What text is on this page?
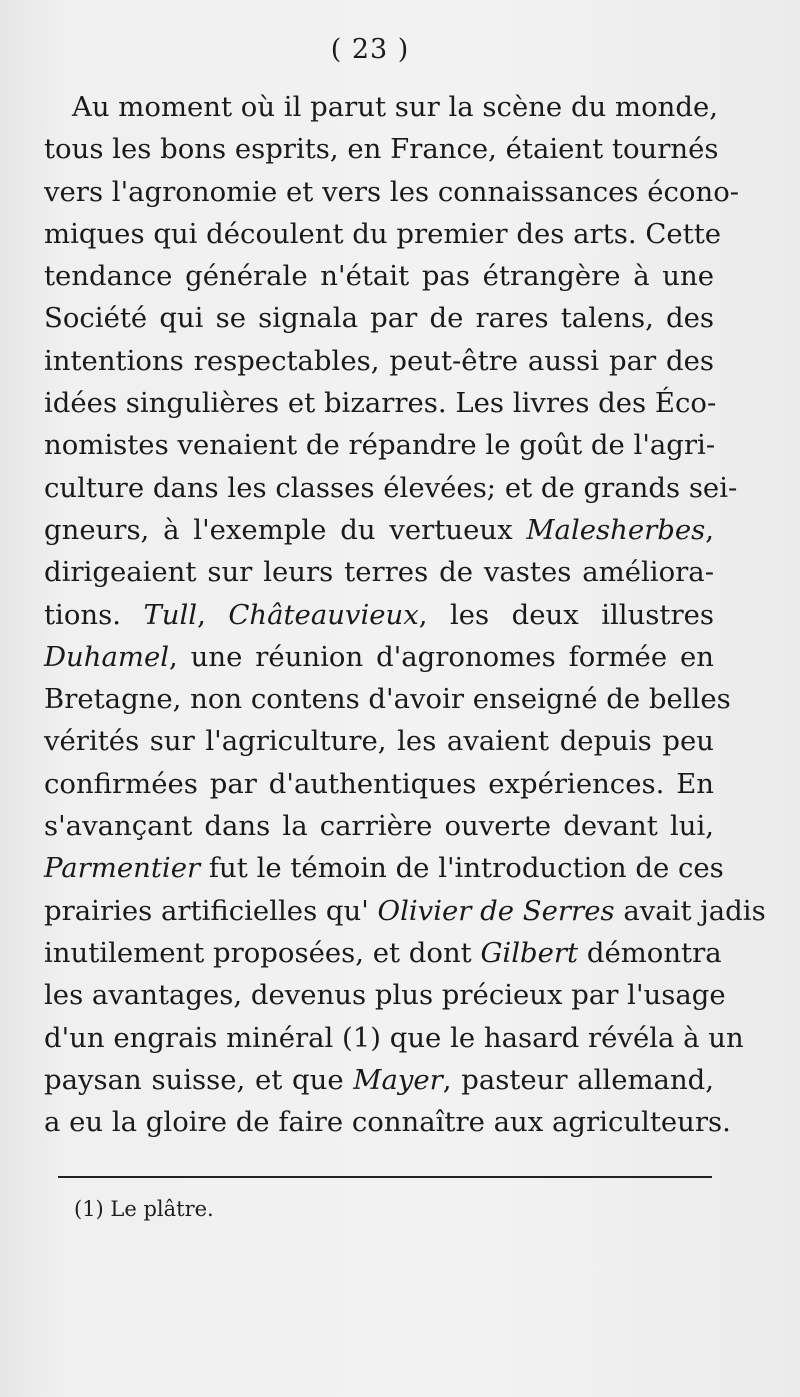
( 23 )
Au moment où il parut sur la scène du monde,
tous les bons esprits, en France, étaient tournés
vers l'agronomie et vers les connaissances écono-
miques qui découlent du premier des arts. Cette
tendance générale n'était pas étrangère à une
Société qui se signala par de rares talens, des
intentions respectables, peut-être aussi par des
idées singulières et bizarres. Les livres des Éco-
nomistes venaient de répandre le goût de l'agri-
culture dans les classes élevées; et de grands sei-
gneurs, à l'exemple du vertueux Malesherbes,
dirigeaient sur leurs terres de vastes améliora-
tions. Tull, Châteauvieux, les deux illustres
Duhamel, une réunion d'agronomes formée en
Bretagne, non contens d'avoir enseigné de belles
vérités sur l'agriculture, les avaient depuis peu
confirmées par d'authentiques expériences. En
s'avançant dans la carrière ouverte devant lui,
Parmentier fut le témoin de l'introduction de ces
prairies artificielles qu' Olivier de Serres avait jadis
inutilement proposées, et dont Gilbert démontra
les avantages, devenus plus précieux par l'usage
d'un engrais minéral (1) que le hasard révéla à un
paysan suisse, et que Mayer, pasteur allemand,
a eu la gloire de faire connaître aux agriculteurs.
(1) Le plâtre.
